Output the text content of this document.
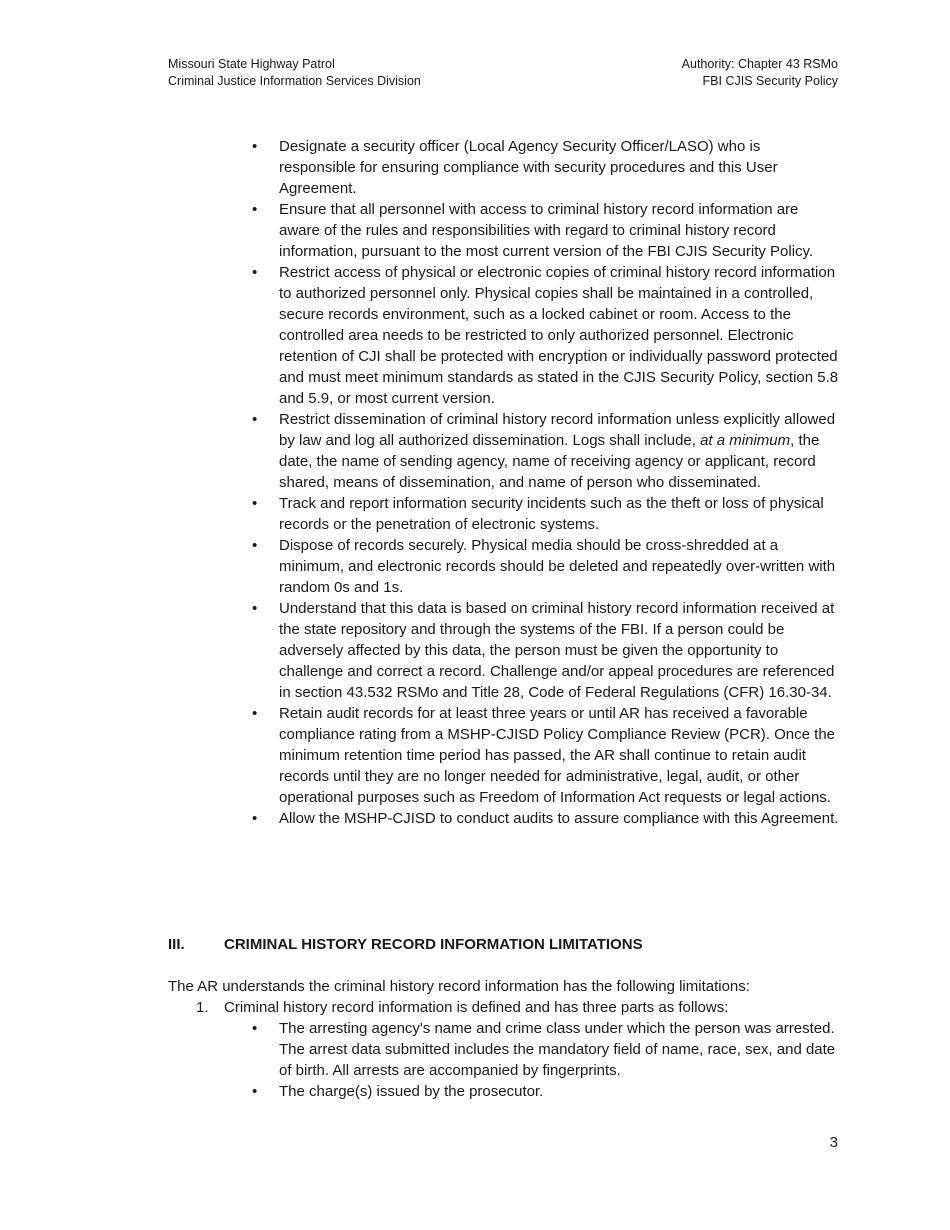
Missouri State Highway Patrol
Criminal Justice Information Services Division
Authority: Chapter 43 RSMo
FBI CJIS Security Policy
• Designate a security officer (Local Agency Security Officer/LASO) who is responsible for ensuring compliance with security procedures and this User Agreement.
• Ensure that all personnel with access to criminal history record information are aware of the rules and responsibilities with regard to criminal history record information, pursuant to the most current version of the FBI CJIS Security Policy.
• Restrict access of physical or electronic copies of criminal history record information to authorized personnel only. Physical copies shall be maintained in a controlled, secure records environment, such as a locked cabinet or room. Access to the controlled area needs to be restricted to only authorized personnel. Electronic retention of CJI shall be protected with encryption or individually password protected and must meet minimum standards as stated in the CJIS Security Policy, section 5.8 and 5.9, or most current version.
• Restrict dissemination of criminal history record information unless explicitly allowed by law and log all authorized dissemination. Logs shall include, at a minimum, the date, the name of sending agency, name of receiving agency or applicant, record shared, means of dissemination, and name of person who disseminated.
• Track and report information security incidents such as the theft or loss of physical records or the penetration of electronic systems.
• Dispose of records securely. Physical media should be cross-shredded at a minimum, and electronic records should be deleted and repeatedly over-written with random 0s and 1s.
• Understand that this data is based on criminal history record information received at the state repository and through the systems of the FBI. If a person could be adversely affected by this data, the person must be given the opportunity to challenge and correct a record. Challenge and/or appeal procedures are referenced in section 43.532 RSMo and Title 28, Code of Federal Regulations (CFR) 16.30-34.
• Retain audit records for at least three years or until AR has received a favorable compliance rating from a MSHP-CJISD Policy Compliance Review (PCR). Once the minimum retention time period has passed, the AR shall continue to retain audit records until they are no longer needed for administrative, legal, audit, or other operational purposes such as Freedom of Information Act requests or legal actions.
• Allow the MSHP-CJISD to conduct audits to assure compliance with this Agreement.
III.	CRIMINAL HISTORY RECORD INFORMATION LIMITATIONS
The AR understands the criminal history record information has the following limitations:
1. Criminal history record information is defined and has three parts as follows:
• The arresting agency's name and crime class under which the person was arrested. The arrest data submitted includes the mandatory field of name, race, sex, and date of birth. All arrests are accompanied by fingerprints.
• The charge(s) issued by the prosecutor.
3
